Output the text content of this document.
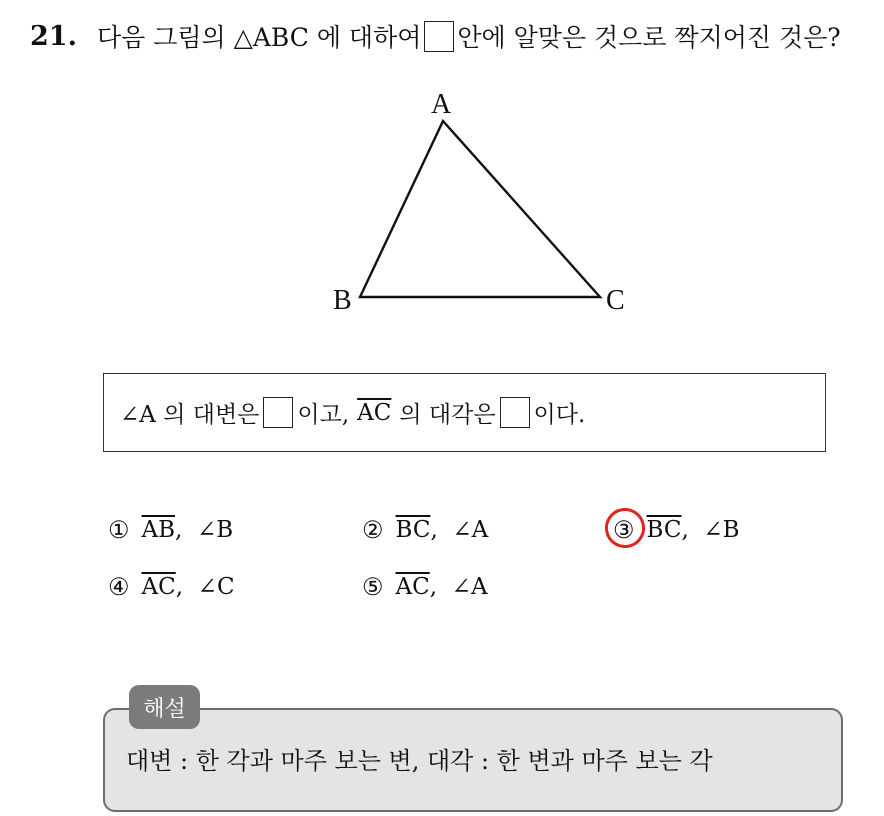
21. 다음 그림의 △ABC 에 대하여 안에 알맞은 것으로 짝지어진 것은?
A
B	C
∠A 의 대변은 이고, $\overline{AC}$ 의 대각은 이다.
① $\overline{AB}$ , ∠B	② $\overline{BC}$ , ∠A	③ $\overline{BC}$ , ∠B
④ $\overline{AC}$ , ∠C	⑤ $\overline{AC}$ , ∠A
해설
대변 : 한 각과 마주 보는 변, 대각 : 한 변과 마주 보는 각
